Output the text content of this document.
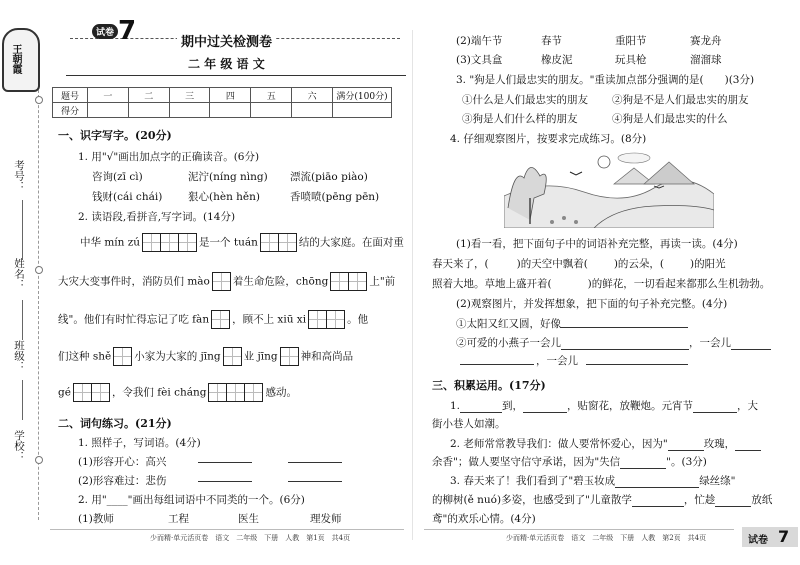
王朝霞
考号：
姓名：
班级：
学校：
试卷 7	期中过关检测卷
二 年 级 语 文
题号	一	二	三	四	五	六	满分(100分)
得分							
一、识字写字。(20分)
1. 用"√"画出加点字的正确读音。(6分)
咨询(zī cì)	泥泞(níng nìng) 漂流(piāo piào)
钱财(cái chái) 狠心(hèn hěn)	香喷喷(pēng pēn)
2. 读语段,看拼音,写字词。(14分)
中华 mín zú	是一个 tuán	结的大家庭。在面对重
大灾大变事件时，消防员们 mào 着生命危险，chōng	上"前
线"。他们有时忙得忘记了吃 fàn ，顾不上 xiū xi	。他
们这种 shě 小家为大家的 jīng 业 jīng 神和高尚品
gé	，令我们 fèi cháng	感动。
二、词句练习。(21分)
1. 照样子，写词语。(4分)
(1)形容开心：高兴
(2)形容难过：悲伤
2. 用"____"画出每组词语中不同类的一个。(6分)
(1)教师	工程	医生	理发师
少而精·单元活页卷　语文　二年级　下册　人教　第1页　共4页
(2)端午节	春节	重阳节	赛龙舟
(3)文具盒	橡皮泥	玩具枪	溜溜球
3. "狗是人们最忠实的朋友。"重读加点部分强调的是(　　)(3分)
①什么是人们最忠实的朋友 ②狗是不是人们最忠实的朋友
③狗是人们什么样的朋友	④狗是人们最忠实的什么
4. 仔细观察图片，按要求完成练习。(8分)
(1)看一看，把下面句子中的词语补充完整，再读一读。(4分)
春天来了，(	)的天空中飘着( )的云朵，( )的阳光
照着大地。草地上盛开着(	)的鲜花，一切看起来都那么生机勃勃。
(2)观察图片，并发挥想象，把下面的句子补充完整。(4分)
①太阳又红又圆，好像
②可爱的小燕子一会儿	，一会儿
，一会儿
三、积累运用。(17分)
1.	到，	，贴窗花，放鞭炮。元宵节	，大
街小巷人如潮。
2. 老师常常教导我们：做人要常怀爱心，因为"	玫瑰，
余香"；做人要坚守信守承诺，因为"失信	"。(3分)
3. 春天来了！我们看到了"碧玉妆成	绿丝绦"
的柳树(ě nuó)多姿，也感受到了"儿童散学	，忙趁	放纸
鸢"的欢乐心情。(4分)
少而精·单元活页卷　语文　二年级　下册　人教　第2页　共4页	试卷 7
